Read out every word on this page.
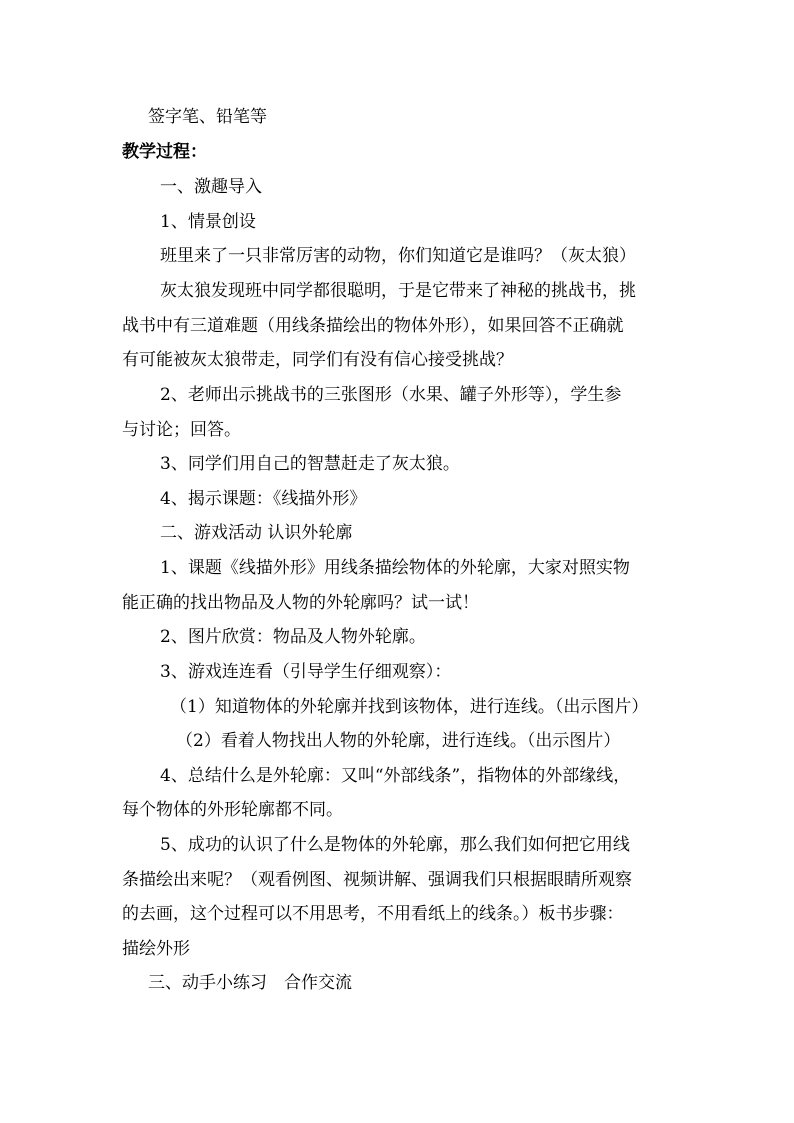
签字笔、铅笔等
教学过程：
一、激趣导入
1、情景创设
班里来了一只非常厉害的动物，你们知道它是谁吗？（灰太狼）
灰太狼发现班中同学都很聪明，于是它带来了神秘的挑战书，挑
战书中有三道难题（用线条描绘出的物体外形），如果回答不正确就
有可能被灰太狼带走，同学们有没有信心接受挑战？
2、老师出示挑战书的三张图形（水果、罐子外形等），学生参
与讨论；回答。
3、同学们用自己的智慧赶走了灰太狼。
4、揭示课题：《线描外形》
二、游戏活动 认识外轮廓
1、课题《线描外形》用线条描绘物体的外轮廓，大家对照实物
能正确的找出物品及人物的外轮廓吗？试一试！
2、图片欣赏：物品及人物外轮廓。
3、游戏连连看（引导学生仔细观察）：
（1）知道物体的外轮廓并找到该物体，进行连线。（出示图片）
（2）看着人物找出人物的外轮廓，进行连线。（出示图片）
4、总结什么是外轮廓：又叫“外部线条”，指物体的外部缘线，
每个物体的外形轮廓都不同。
5、成功的认识了什么是物体的外轮廓，那么我们如何把它用线
条描绘出来呢？（观看例图、视频讲解、强调我们只根据眼睛所观察
的去画，这个过程可以不用思考，不用看纸上的线条。）板书步骤：
描绘外形
三、动手小练习　合作交流
